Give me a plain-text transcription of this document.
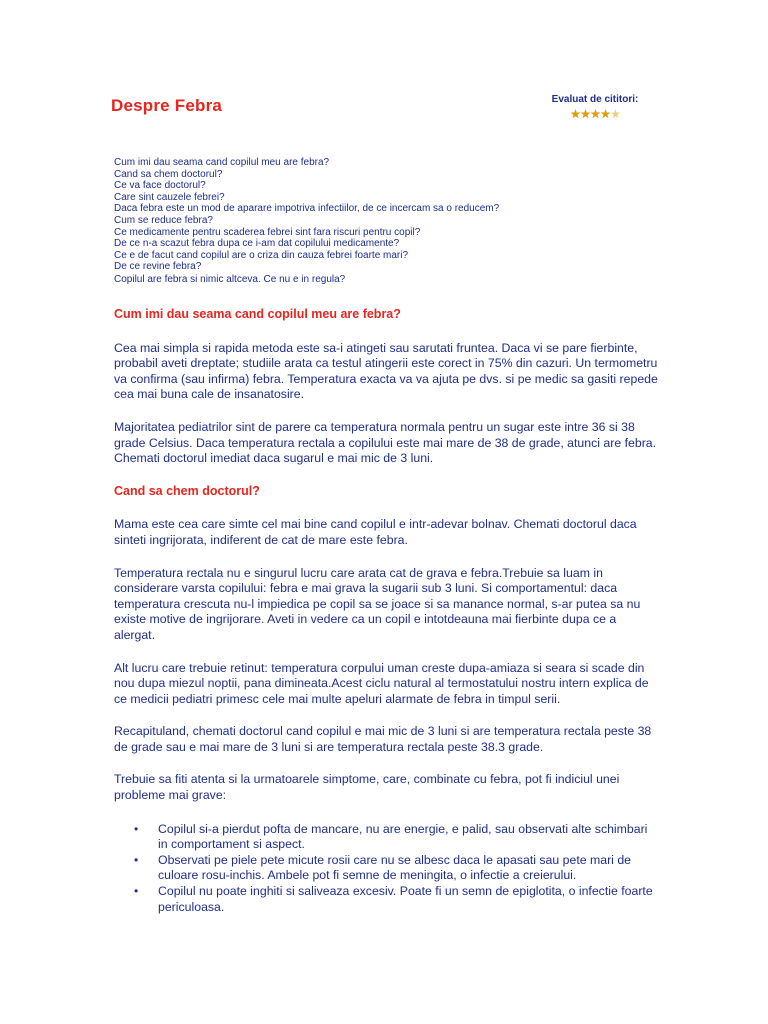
Despre Febra	Evaluat de cititori:
★★★★★
Cum imi dau seama cand copilul meu are febra?
Cand sa chem doctorul?
Ce va face doctorul?
Care sint cauzele febrei?
Daca febra este un mod de aparare impotriva infectiilor, de ce incercam sa o reducem?
Cum se reduce febra?
Ce medicamente pentru scaderea febrei sint fara riscuri pentru copil?
De ce n-a scazut febra dupa ce i-am dat copilului medicamente?
Ce e de facut cand copilul are o criza din cauza febrei foarte mari?
De ce revine febra?
Copilul are febra si nimic altceva. Ce nu e in regula?
Cum imi dau seama cand copilul meu are febra?

Cea mai simpla si rapida metoda este sa-i atingeti sau sarutati fruntea. Daca vi se pare fierbinte, probabil aveti dreptate; studiile arata ca testul atingerii este corect in 75% din cazuri. Un termometru va confirma (sau infirma) febra. Temperatura exacta va va ajuta pe dvs. si pe medic sa gasiti repede cea mai buna cale de insanatosire.

Majoritatea pediatrilor sint de parere ca temperatura normala pentru un sugar este intre 36 si 38 grade Celsius. Daca temperatura rectala a copilului este mai mare de 38 de grade, atunci are febra. Chemati doctorul imediat daca sugarul e mai mic de 3 luni.

Cand sa chem doctorul?

Mama este cea care simte cel mai bine cand copilul e intr-adevar bolnav. Chemati doctorul daca sinteti ingrijorata, indiferent de cat de mare este febra.

Temperatura rectala nu e singurul lucru care arata cat de grava e febra.Trebuie sa luam in considerare varsta copilului: febra e mai grava la sugarii sub 3 luni. Si comportamentul: daca temperatura crescuta nu-l impiedica pe copil sa se joace si sa manance normal, s-ar putea sa nu existe motive de ingrijorare. Aveti in vedere ca un copil e intotdeauna mai fierbinte dupa ce a alergat.

Alt lucru care trebuie retinut: temperatura corpului uman creste dupa-amiaza si seara si scade din nou dupa miezul noptii, pana dimineata.Acest ciclu natural al termostatului nostru intern explica de ce medicii pediatri primesc cele mai multe apeluri alarmate de febra in timpul serii.

Recapituland, chemati doctorul cand copilul e mai mic de 3 luni si are temperatura rectala peste 38 de grade sau e mai mare de 3 luni si are temperatura rectala peste 38.3 grade.

Trebuie sa fiti atenta si la urmatoarele simptome, care, combinate cu febra, pot fi indiciul unei probleme mai grave:

• Copilul si-a pierdut pofta de mancare, nu are energie, e palid, sau observati alte schimbari in comportament si aspect.
• Observati pe piele pete micute rosii care nu se albesc daca le apasati sau pete mari de culoare rosu-inchis. Ambele pot fi semne de meningita, o infectie a creierului.
• Copilul nu poate inghiti si saliveaza excesiv. Poate fi un semn de epiglotita, o infectie foarte periculoasa.
